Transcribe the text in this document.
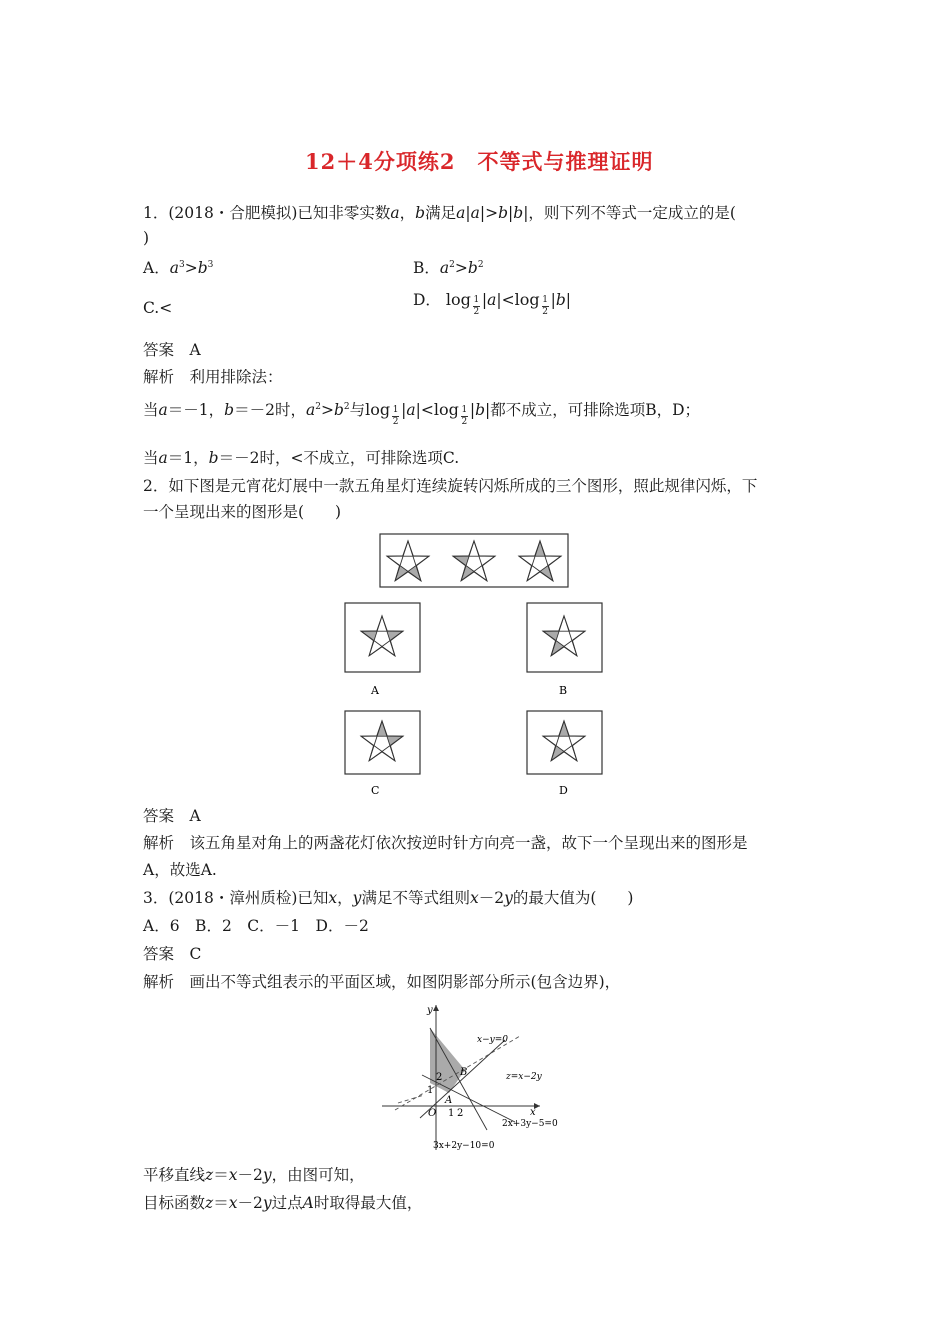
12＋4分项练2　不等式与推理证明
1．(2018・合肥模拟)已知非零实数a，b满足a|a|>b|b|，则下列不等式一定成立的是(
)
A．$a^3>b^3$	B．$a^2>b^2$
C.<	D． $\log \frac{1}{2} |a|<\log \frac{1}{2} |b|$
答案　 A
解析　 利用排除法：
当a＝－1，b＝－2时，$a^2>b^2$与$\log \frac{1}{2} |a|<\log \frac{1}{2} |b|$都不成立，可排除选项B，D；
当a＝1，b＝－2时，<不成立，可排除选项C.
2．如下图是元宵花灯展中一款五角星灯连续旋转闪烁所成的三个图形，照此规律闪烁，下
一个呈现出来的图形是(　　)
A	B
C	D
答案　 A
解析　 该五角星对角上的两盏花灯依次按逆时针方向亮一盏，故下一个呈现出来的图形是
A，故选A.
3．(2018・漳州质检)已知x，y满足不等式组则x－2y的最大值为(　　)
A．6　B．2　C．－1　D．－2
答案　 C
解析　 画出不等式组表示的平面区域，如图阴影部分所示(包含边界)，
y
x
O 1 2
1
2
A
B
x−y=0
z=x−2y
2x+3y−5=0
3x+2y−10=0
平移直线z＝x－2y，由图可知，
目标函数z＝x－2y过点A时取得最大值，
